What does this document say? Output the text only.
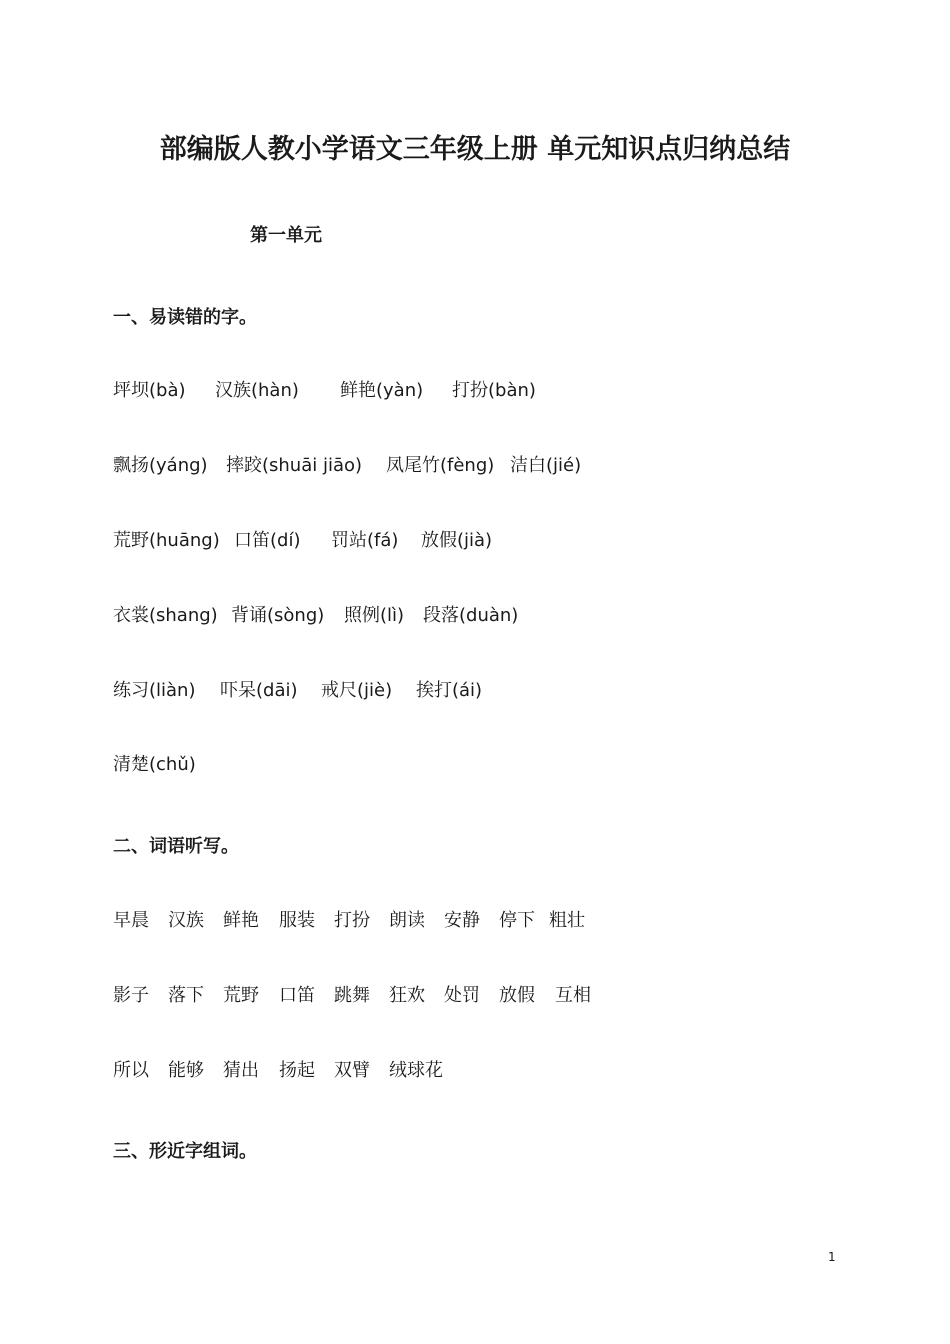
部编版人教小学语文三年级上册 单元知识点归纳总结
第一单元
一、易读错的字。
坪坝(bà) 汉族(hàn) 鲜艳(yàn) 打扮(bàn)
飘扬(yáng) 摔跤(shuāi jiāo) 凤尾竹(fèng) 洁白(jié)
荒野(huāng) 口笛(dí) 罚站(fá) 放假(jià)
衣裳(shang) 背诵(sòng) 照例(lì) 段落(duàn)
练习(liàn) 吓呆(dāi) 戒尺(jiè) 挨打(ái)
清楚(chǔ)
二、词语听写。
早晨 汉族 鲜艳 服装 打扮 朗读 安静 停下 粗壮
影子 落下 荒野 口笛 跳舞 狂欢 处罚 放假 互相
所以 能够 猜出 扬起 双臂 绒球花
三、形近字组词。
1
